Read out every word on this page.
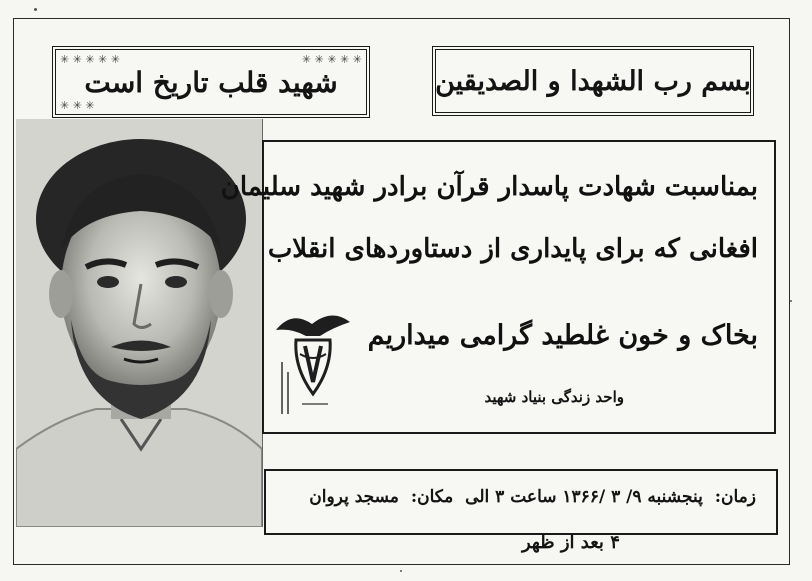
✳ ✳ ✳ ✳ ✳	✳ ✳ ✳ ✳ ✳
✳ ✳ ✳
شهید قلب تاریخ است	بسم رب الشهدا و الصدیقین
بمناسبت شهادت پاسدار قرآن برادر شهید سلیمان
افغانی که برای پایداری از دستاوردهای انقلاب
بخاک و خون غلطید گرامی میداریم
واحد زندگی بنیاد شهید
زمان: پنجشنبه ۹/ ۳ /۱۳۶۶ ساعت ۳ الی مکان: مسجد پروان
۴ بعد از ظهر
